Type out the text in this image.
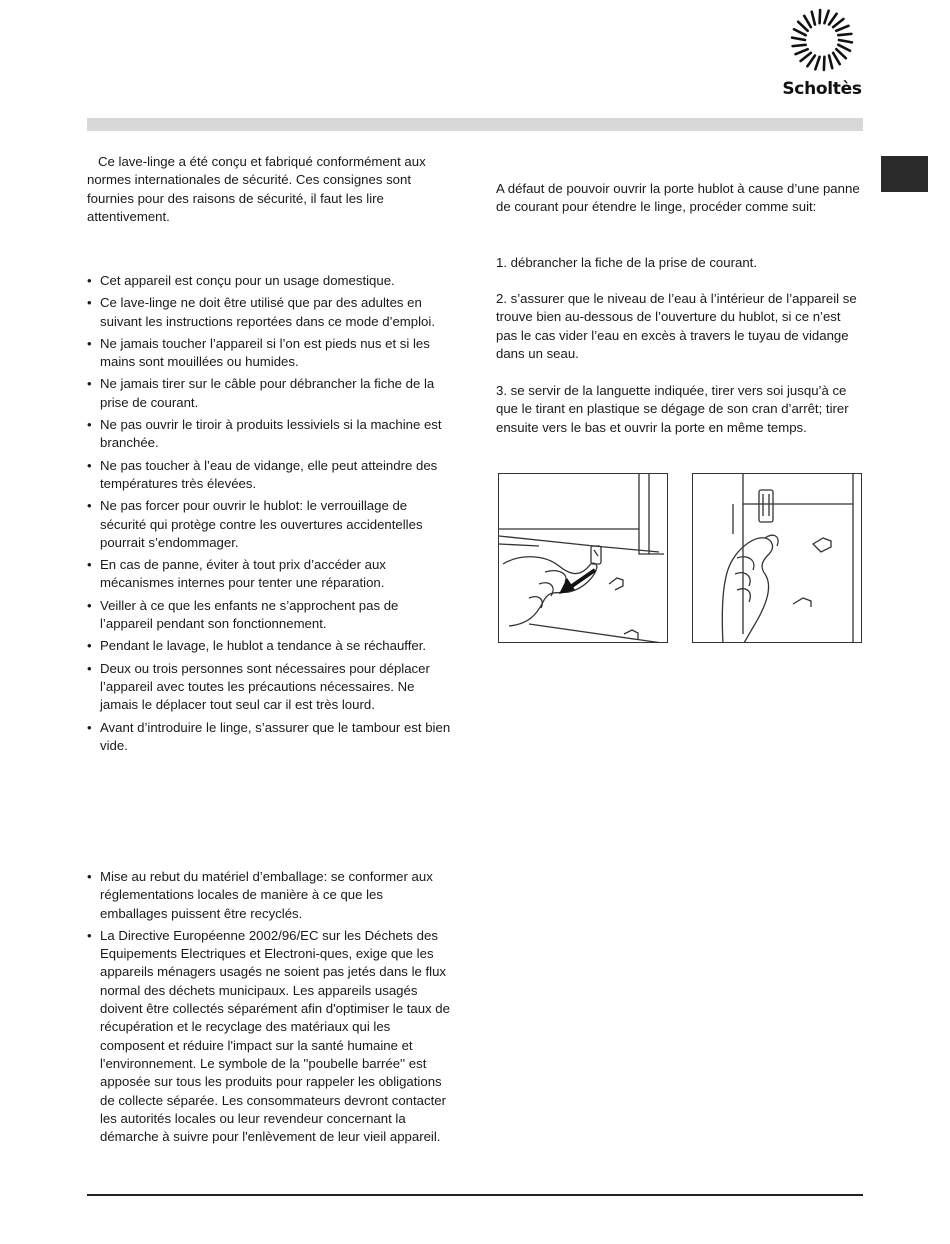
Scholtès

Ce lave-linge a été conçu et fabriqué conformément aux normes internationales de sécurité. Ces consignes sont fournies pour des raisons de sécurité, il faut les lire attentivement.

• Cet appareil est conçu pour un usage domestique.
• Ce lave-linge ne doit être utilisé que par des adultes en suivant les instructions reportées dans ce mode d’emploi.
• Ne jamais toucher l’appareil si l’on est pieds nus et si les mains sont mouillées ou humides.
• Ne jamais tirer sur le câble pour débrancher la fiche de la prise de courant.
• Ne pas ouvrir le tiroir à produits lessiviels si la machine est branchée.
• Ne pas toucher à l’eau de vidange, elle peut atteindre des températures très élevées.
• Ne pas forcer pour ouvrir le hublot: le verrouillage de sécurité qui protège contre les ouvertures accidentelles pourrait s’endommager.
• En cas de panne, éviter à tout prix d’accéder aux mécanismes internes pour tenter une réparation.
• Veiller à ce que les enfants ne s’approchent pas de l’appareil pendant son fonctionnement.
• Pendant le lavage, le hublot a tendance à se réchauffer.
• Deux ou trois personnes sont nécessaires pour déplacer l’appareil avec toutes les précautions nécessaires. Ne jamais le déplacer tout seul car il est très lourd.
• Avant d’introduire le linge, s’assurer que le tambour est bien vide.
• Mise au rebut du matériel d’emballage: se conformer aux réglementations locales de manière à ce que les emballages puissent être recyclés.
• La Directive Européenne 2002/96/EC sur les Déchets des Equipements Electriques et Electroni-ques, exige que les appareils ménagers usagés ne soient pas jetés dans le flux normal des déchets municipaux. Les appareils usagés doivent être collectés séparément afin d'optimiser le taux de récupération et le recyclage des matériaux qui les composent et réduire l'impact sur la santé humaine et l'environnement. Le symbole de la ''poubelle barrée'' est apposée sur tous les produits pour rappeler les obligations de collecte séparée. Les consommateurs devront contacter les autorités locales ou leur revendeur concernant la démarche à suivre pour l'enlèvement de leur vieil appareil.

A défaut de pouvoir ouvrir la porte hublot à cause d’une panne de courant pour étendre le linge, procéder comme suit:

1. débrancher la fiche de la prise de courant.

2. s’assurer que le niveau de l’eau à l’intérieur de l’appareil se trouve bien au-dessous de l’ouverture du hublot, si ce n’est pas le cas vider l’eau en excès à travers le tuyau de vidange dans un seau.

3. se servir de la languette indiquée, tirer vers soi jusqu’à ce que le tirant en plastique se dégage de son cran d’arrêt; tirer ensuite vers le bas et ouvrir la porte en même temps.
